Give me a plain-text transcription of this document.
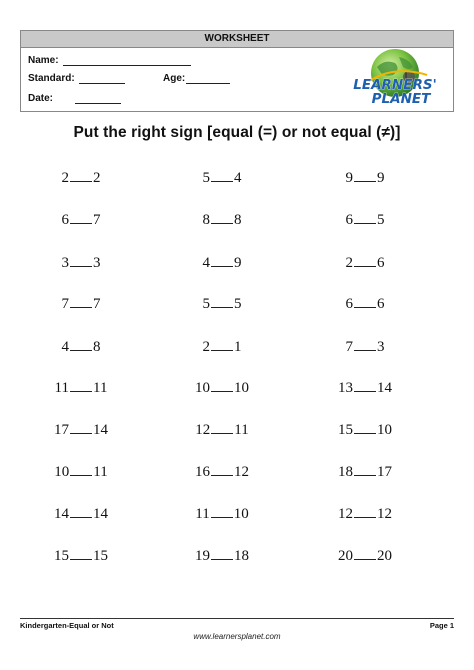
WORKSHEET
Name:
Standard:	Age:
Date:
LEARNERS'
PLANET
Put the right sign [equal (=) or not equal (≠)]
2 2
6 7
3 3
7 7
4 8
11 11
17 14
10 11
14 14
15 15
5 4
8 8
4 9
5 5
2 1
10 10
12 11
16 12
11 10
19 18
9 9
6 5
2 6
6 6
7 3
13 14
15 10
18 17
12 12
20 20
Kindergarten-Equal or Not	Page 1
www.learnersplanet.com
